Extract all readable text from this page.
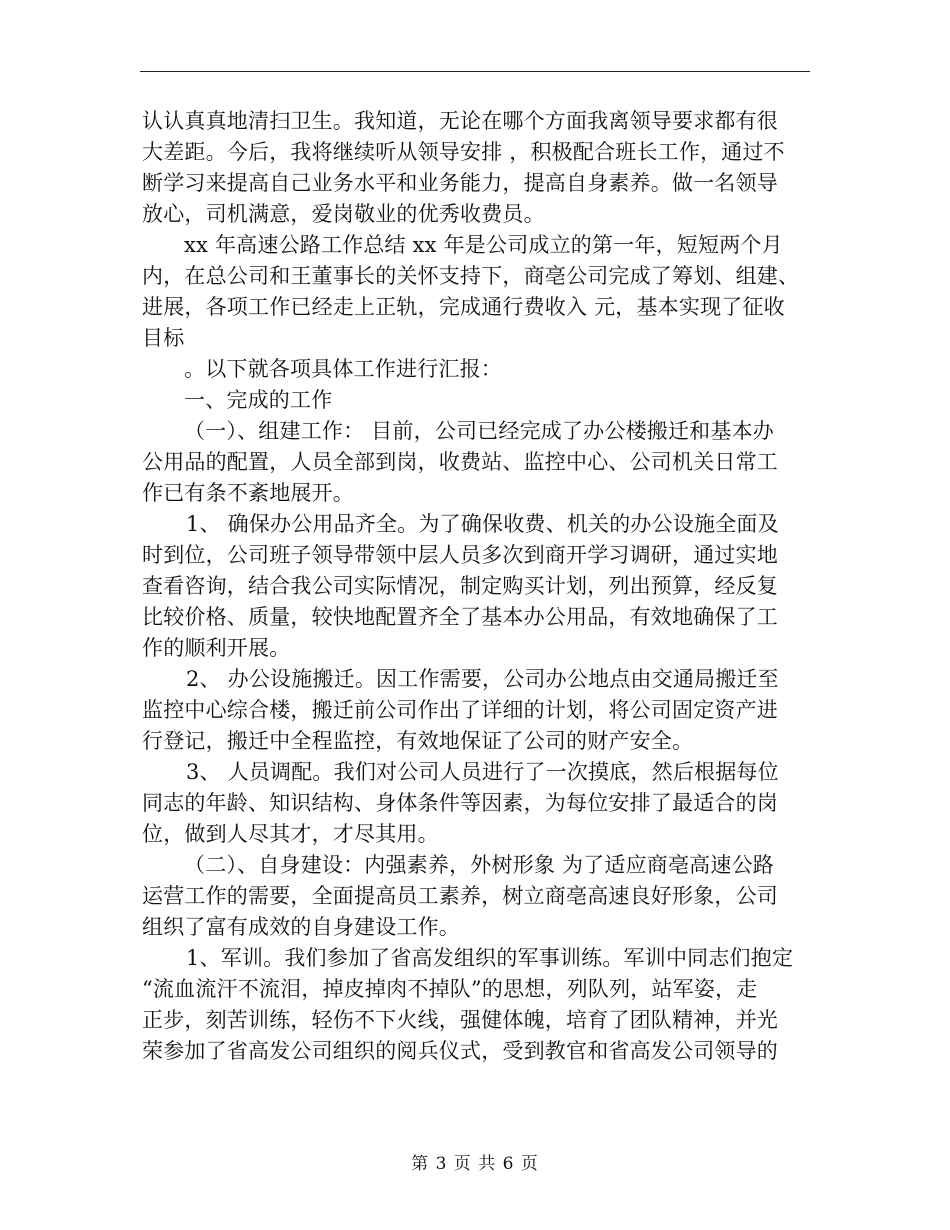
认认真真地清扫卫生。我知道，无论在哪个方面我离领导要求都有很
大差距。今后，我将继续听从领导安排 ，积极配合班长工作，通过不
断学习来提高自己业务水平和业务能力，提高自身素养。做一名领导
放心，司机满意，爱岗敬业的优秀收费员。
xx 年高速公路工作总结 xx 年是公司成立的第一年，短短两个月
内，在总公司和王董事长的关怀支持下，商亳公司完成了筹划、组建、
进展，各项工作已经走上正轨，完成通行费收入 元，基本实现了征收
目标
。以下就各项具体工作进行汇报：
一、完成的工作
（一）、组建工作： 目前，公司已经完成了办公楼搬迁和基本办
公用品的配置，人员全部到岗，收费站、监控中心、公司机关日常工
作已有条不紊地展开。
1、 确保办公用品齐全。为了确保收费、机关的办公设施全面及
时到位，公司班子领导带领中层人员多次到商开学习调研，通过实地
查看咨询，结合我公司实际情况，制定购买计划，列出预算，经反复
比较价格、质量，较快地配置齐全了基本办公用品，有效地确保了工
作的顺利开展。
2、 办公设施搬迁。因工作需要，公司办公地点由交通局搬迁至
监控中心综合楼，搬迁前公司作出了详细的计划，将公司固定资产进
行登记，搬迁中全程监控，有效地保证了公司的财产安全。
3、 人员调配。我们对公司人员进行了一次摸底，然后根据每位
同志的年龄、知识结构、身体条件等因素，为每位安排了最适合的岗
位，做到人尽其才，才尽其用。
（二）、自身建设：内强素养，外树形象 为了适应商亳高速公路
运营工作的需要，全面提高员工素养，树立商亳高速良好形象，公司
组织了富有成效的自身建设工作。
1、军训。我们参加了省高发组织的军事训练。军训中同志们抱定
“流血流汗不流泪，掉皮掉肉不掉队”的思想，列队列，站军姿，走
正步，刻苦训练，轻伤不下火线，强健体魄，培育了团队精神，并光
荣参加了省高发公司组织的阅兵仪式，受到教官和省高发公司领导的
第 3 页 共 6 页
